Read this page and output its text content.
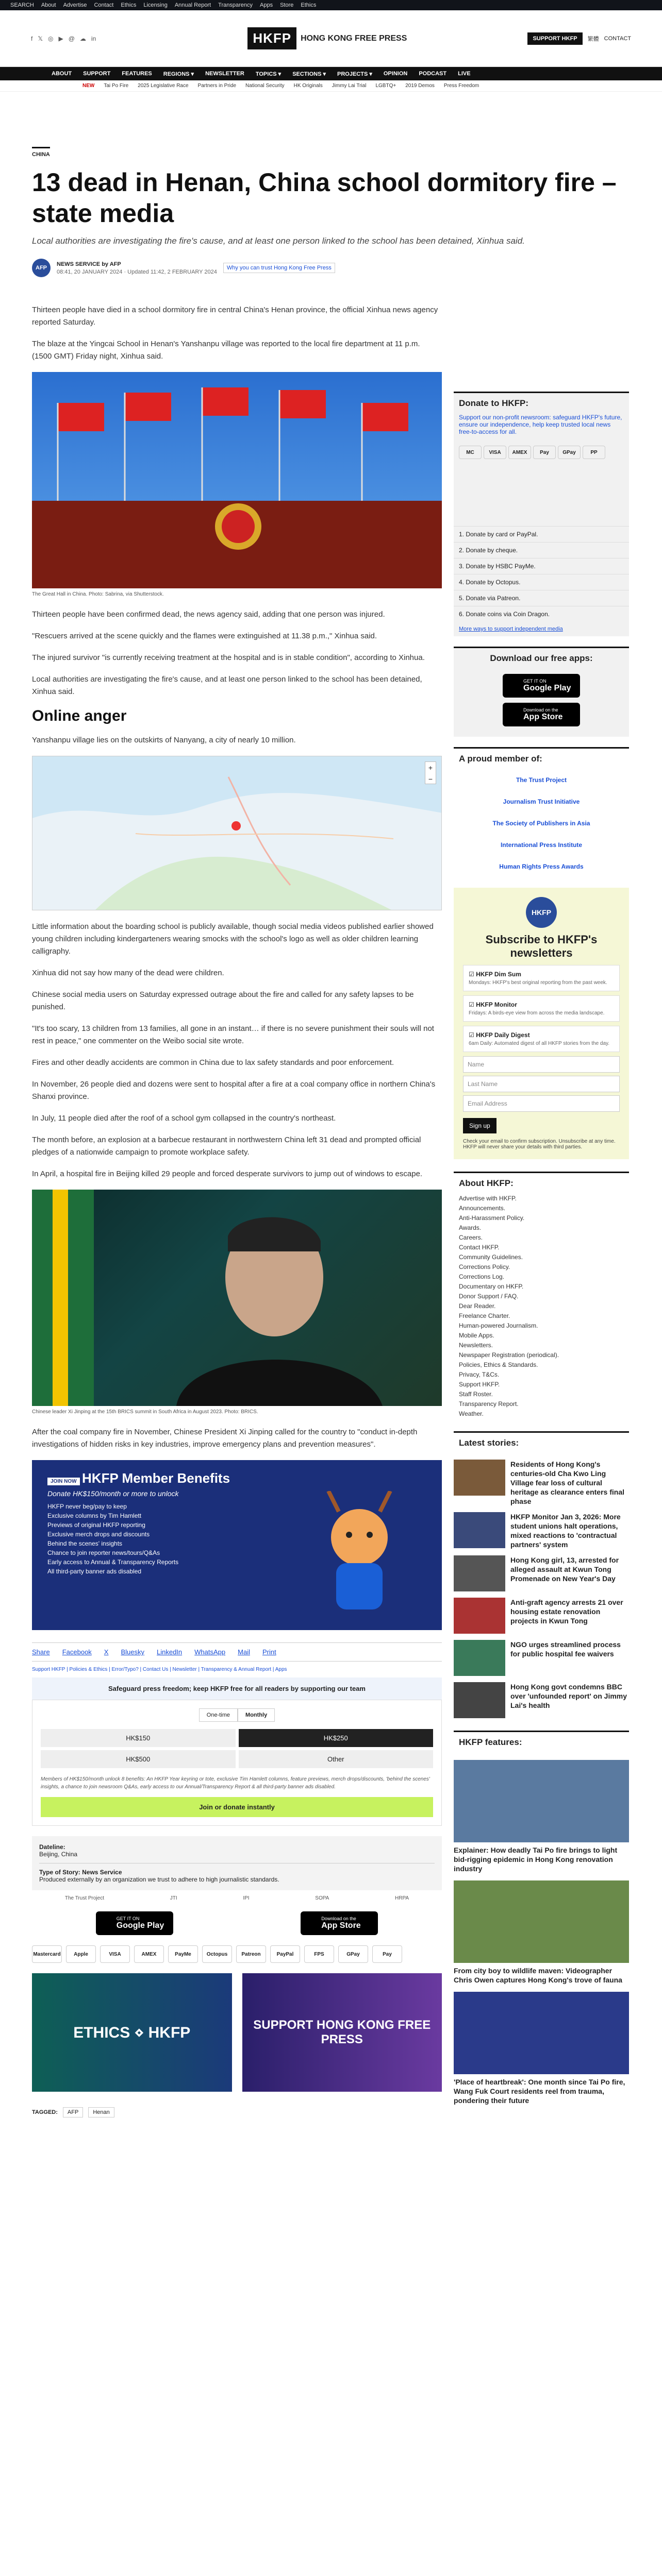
SEARCH About Advertise Contact Ethics Licensing Annual Report Transparency Apps Store Ethics
f 𝕏 ◎ ▶ @ ☁ in	HKFP	HONG KONG FREE PRESS	SUPPORT HKFP	繁體 CONTACT
ABOUT SUPPORT FEATURES REGIONS ▾ NEWSLETTER TOPICS ▾ SECTIONS ▾ PROJECTS ▾ OPINION PODCAST LIVE
NEW Tai Po Fire 2025 Legislative Race Partners in Pride National Security HK Originals Jimmy Lai Trial LGBTQ+ 2019 Demos Press Freedom
CHINA
13 dead in Henan, China school dormitory fire – state media
Local authorities are investigating the fire's cause, and at least one person linked to the school has been detained, Xinhua said.
AFP
NEWS SERVICE by AFP
08:41, 20 JANUARY 2024 · Updated 11:42, 2 FEBRUARY 2024
Why you can trust Hong Kong Free Press

Thirteen people have died in a school dormitory fire in central China's Henan province, the official Xinhua news agency reported Saturday.

The blaze at the Yingcai School in Henan's Yanshanpu village was reported to the local fire department at 11 p.m. (1500 GMT) Friday night, Xinhua said.

The Great Hall in China. Photo: Sabrina, via Shutterstock.

Thirteen people have been confirmed dead, the news agency said, adding that one person was injured.

"Rescuers arrived at the scene quickly and the flames were extinguished at 11.38 p.m.," Xinhua said.

The injured survivor "is currently receiving treatment at the hospital and is in stable condition", according to Xinhua.

Local authorities are investigating the fire's cause, and at least one person linked to the school has been detained, Xinhua said.

Online anger

Yanshanpu village lies on the outskirts of Nanyang, a city of nearly 10 million.

+
−

Little information about the boarding school is publicly available, though social media videos published earlier showed young children including kindergarteners wearing smocks with the school's logo as well as older children learning calligraphy.

Xinhua did not say how many of the dead were children.

Chinese social media users on Saturday expressed outrage about the fire and called for any safety lapses to be punished.

"It's too scary, 13 children from 13 families, all gone in an instant… if there is no severe punishment their souls will not rest in peace," one commenter on the Weibo social site wrote.

Fires and other deadly accidents are common in China due to lax safety standards and poor enforcement.

In November, 26 people died and dozens were sent to hospital after a fire at a coal company office in northern China's Shanxi province.

In July, 11 people died after the roof of a school gym collapsed in the country's northeast.

The month before, an explosion at a barbecue restaurant in northwestern China left 31 dead and prompted official pledges of a nationwide campaign to promote workplace safety.

In April, a hospital fire in Beijing killed 29 people and forced desperate survivors to jump out of windows to escape.

Chinese leader Xi Jinping at the 15th BRICS summit in South Africa in August 2023. Photo: BRICS.

After the coal company fire in November, Chinese President Xi Jinping called for the country to "conduct in-depth investigations of hidden risks in key industries, improve emergency plans and prevention measures".

JOIN NOW HKFP Member Benefits
Donate HK$150/month or more to unlock
HKFP never beg/pay to keep
Exclusive columns by Tim Hamlett
Previews of original HKFP reporting
Exclusive merch drops and discounts
Behind the scenes' insights
Chance to join reporter news/tours/Q&As
Early access to Annual & Transparency Reports
All third-party banner ads disabled
Share Facebook X Bluesky LinkedIn WhatsApp Mail Print
Support HKFP | Policies & Ethics | Error/Typo? | Contact Us | Newsletter | Transparency & Annual Report | Apps
Safeguard press freedom; keep HKFP free for all readers by supporting our team
One-time	Monthly
HK$150	HK$250
HK$500	Other
Members of HK$150/month unlock 8 benefits: An HKFP Year keyring or tote, exclusive Tim Hamlett columns, feature previews, merch drops/discounts, 'behind the scenes' insights, a chance to join newsroom Q&As, early access to our Annual/Transparency Report & all third-party banner ads disabled.
Join or donate instantly
Dateline:
Beijing, China
Type of Story: News Service
Produced externally by an organization we trust to adhere to high journalistic standards.
The Trust Project	JTI	IPI	SOPA	HRPA
GET IT ON
Google Play
Download on the
App Store
Mastercard	Apple	VISA	AMEX	PayMe	Octopus	Patreon	PayPal	FPS	GPay	Pay
ETHICS ⋄ HKFP	SUPPORT HONG KONG FREE PRESS
TAGGED:	AFP	Henan
Donate to HKFP:
Support our non-profit newsroom: safeguard HKFP's future, ensure our independence, help keep trusted local news free-to-access for all.
MC	VISA	AMEX	Pay	GPay	PP
1. Donate by card or PayPal.
2. Donate by cheque.
3. Donate by HSBC PayMe.
4. Donate by Octopus.
5. Donate via Patreon.
6. Donate coins via Coin Dragon.
More ways to support independent media
Download our free apps:
GET IT ON
Google Play
Download on the
App Store
A proud member of:
The Trust Project
Journalism Trust Initiative
The Society of Publishers in Asia
International Press Institute
Human Rights Press Awards
HKFP
Subscribe to HKFP's newsletters
☑ HKFP Dim Sum
Mondays: HKFP's best original reporting from the past week.
☑ HKFP Monitor
Fridays: A birds-eye view from across the media landscape.
☑ HKFP Daily Digest
6am Daily: Automated digest of all HKFP stories from the day.
Name
Last Name
Email Address
Sign up
Check your email to confirm subscription. Unsubscribe at any time. HKFP will never share your details with third parties.
About HKFP:
Advertise with HKFP.
Announcements.
Anti-Harassment Policy.
Awards.
Careers.
Contact HKFP.
Community Guidelines.
Corrections Policy.
Corrections Log.
Documentary on HKFP.
Donor Support / FAQ.
Dear Reader.
Freelance Charter.
Human-powered Journalism.
Mobile Apps.
Newsletters.
Newspaper Registration (periodical).
Policies, Ethics & Standards.
Privacy, T&Cs.
Support HKFP.
Staff Roster.
Transparency Report.
Weather.
Latest stories:
Residents of Hong Kong's centuries-old Cha Kwo Ling Village fear loss of cultural heritage as clearance enters final phase
HKFP Monitor Jan 3, 2026: More student unions halt operations, mixed reactions to 'contractual partners' system
Hong Kong girl, 13, arrested for alleged assault at Kwun Tong Promenade on New Year's Day
Anti-graft agency arrests 21 over housing estate renovation projects in Kwun Tong
NGO urges streamlined process for public hospital fee waivers
Hong Kong govt condemns BBC over 'unfounded report' on Jimmy Lai's health
HKFP features:
Explainer: How deadly Tai Po fire brings to light bid-rigging epidemic in Hong Kong renovation industry
From city boy to wildlife maven: Videographer Chris Owen captures Hong Kong's trove of fauna
'Place of heartbreak': One month since Tai Po fire, Wang Fuk Court residents reel from trauma, pondering their future
